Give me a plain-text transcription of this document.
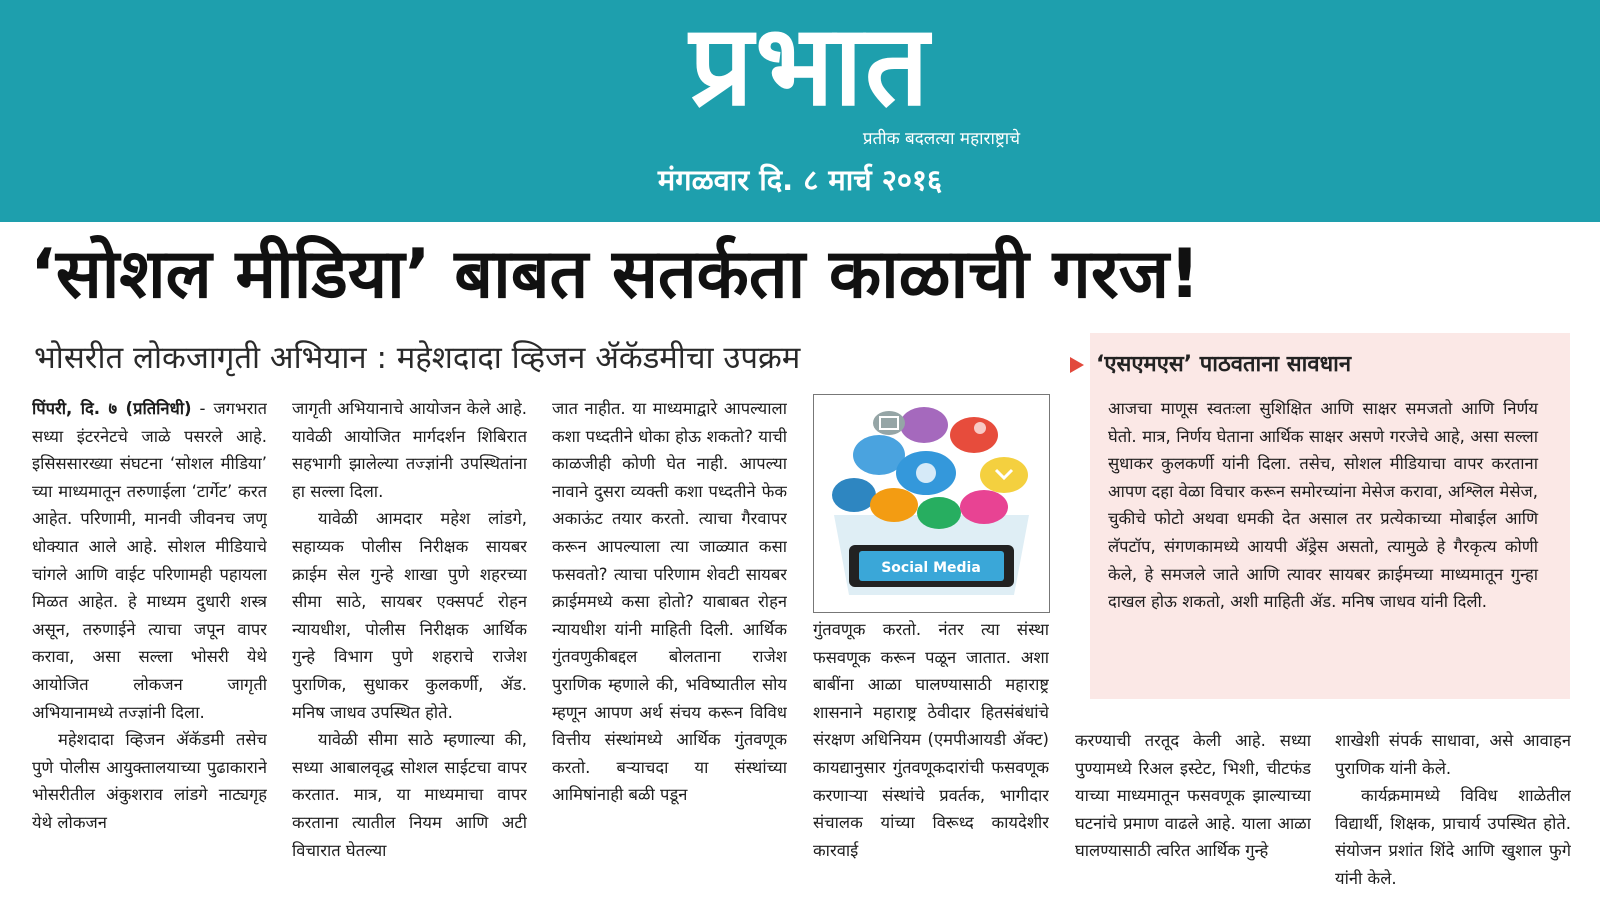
प्रभात
प्रतीक बदलत्या महाराष्ट्राचे
मंगळवार दि. ८ मार्च २०१६
‘सोशल मीडिया’ बाबत सतर्कता काळाची गरज!
भोसरीत लोकजागृती अभियान : महेशदादा व्हिजन ॲकॅडमीचा उपक्रम

पिंपरी, दि. ७ (प्रतिनिधी) - जगभरात सध्या इंटरनेटचे जाळे पसरले आहे. इसिससारख्या संघटना ‘सोशल मीडिया’ च्या माध्यमातून तरुणाईला ‘टार्गेट’ करत आहेत. परिणामी, मानवी जीवनच जणू धोक्यात आले आहे. सोशल मीडियाचे चांगले आणि वाईट परिणामही पहायला मिळत आहेत. हे माध्यम दुधारी शस्त्र असून, तरुणाईने त्याचा जपून वापर करावा, असा सल्ला भोसरी येथे आयोजित लोकजन जागृती अभियानामध्ये तज्ज्ञांनी दिला.

महेशदादा व्हिजन ॲकॅडमी तसेच पुणे पोलीस आयुक्तालयाच्या पुढाकाराने भोसरीतील अंकुशराव लांडगे नाट्यगृह येथे लोकजन

जागृती अभियानाचे आयोजन केले आहे. यावेळी आयोजित मार्गदर्शन शिबिरात सहभागी झालेल्या तज्ज्ञांनी उपस्थितांना हा सल्ला दिला.

यावेळी आमदार महेश लांडगे, सहाय्यक पोलीस निरीक्षक सायबर क्राईम सेल गुन्हे शाखा पुणे शहरच्या सीमा साठे, सायबर एक्सपर्ट रोहन न्यायधीश, पोलीस निरीक्षक आर्थिक गुन्हे विभाग पुणे शहराचे राजेश पुराणिक, सुधाकर कुलकर्णी, ॲड. मनिष जाधव उपस्थित होते.

यावेळी सीमा साठे म्हणाल्या की, सध्या आबालवृद्ध सोशल साईटचा वापर करतात. मात्र, या माध्यमाचा वापर करताना त्यातील नियम आणि अटी विचारात घेतल्या

जात नाहीत. या माध्यमाद्वारे आपल्याला कशा पध्दतीने धोका होऊ शकतो? याची काळजीही कोणी घेत नाही. आपल्या नावाने दुसरा व्यक्ती कशा पध्दतीने फेक अकाऊंट तयार करतो. त्याचा गैरवापर करून आपल्याला त्या जाळ्यात कसा फसवतो? त्याचा परिणाम शेवटी सायबर क्राईममध्ये कसा होतो? याबाबत रोहन न्यायधीश यांनी माहिती दिली. आर्थिक गुंतवणुकीबद्दल बोलताना राजेश पुराणिक म्हणाले की, भविष्यातील सोय म्हणून आपण अर्थ संचय करून विविध वित्तीय संस्थांमध्ये आर्थिक गुंतवणूक करतो. बऱ्याचदा या संस्थांच्या आमिषांनाही बळी पडून

Social Media

गुंतवणूक करतो. नंतर त्या संस्था फसवणूक करून पळून जातात. अशा बाबींना आळा घालण्यासाठी महाराष्ट्र शासनाने महाराष्ट्र ठेवीदार हितसंबंधांचे संरक्षण अधिनियम (एमपीआयडी ॲक्ट) कायद्यानुसार गुंतवणूकदारांची फसवणूक करणाऱ्या संस्थांचे प्रवर्तक, भागीदार संचालक यांच्या विरूध्द कायदेशीर कारवाई

‘एसएमएस’ पाठवताना सावधान

आजचा माणूस स्वतःला सुशिक्षित आणि साक्षर समजतो आणि निर्णय घेतो. मात्र, निर्णय घेताना आर्थिक साक्षर असणे गरजेचे आहे, असा सल्ला सुधाकर कुलकर्णी यांनी दिला. तसेच, सोशल मीडियाचा वापर करताना आपण दहा वेळा विचार करून समोरच्यांना मेसेज करावा, अश्लिल मेसेज, चुकीचे फोटो अथवा धमकी देत असाल तर प्रत्येकाच्या मोबाईल आणि लॅपटॉप, संगणकामध्ये आयपी ॲड्रेस असतो, त्यामुळे हे गैरकृत्य कोणी केले, हे समजले जाते आणि त्यावर सायबर क्राईमच्या माध्यमातून गुन्हा दाखल होऊ शकतो, अशी माहिती ॲड. मनिष जाधव यांनी दिली.

करण्याची तरतूद केली आहे. सध्या पुण्यामध्ये रिअल इस्टेट, भिशी, चीटफंड याच्या माध्यमातून फसवणूक झाल्याच्या घटनांचे प्रमाण वाढले आहे. याला आळा घालण्यासाठी त्वरित आर्थिक गुन्हे

शाखेशी संपर्क साधावा, असे आवाहन पुराणिक यांनी केले.

कार्यक्रमामध्ये विविध शाळेतील विद्यार्थी, शिक्षक, प्राचार्य उपस्थित होते. संयोजन प्रशांत शिंदे आणि खुशाल फुगे यांनी केले.
